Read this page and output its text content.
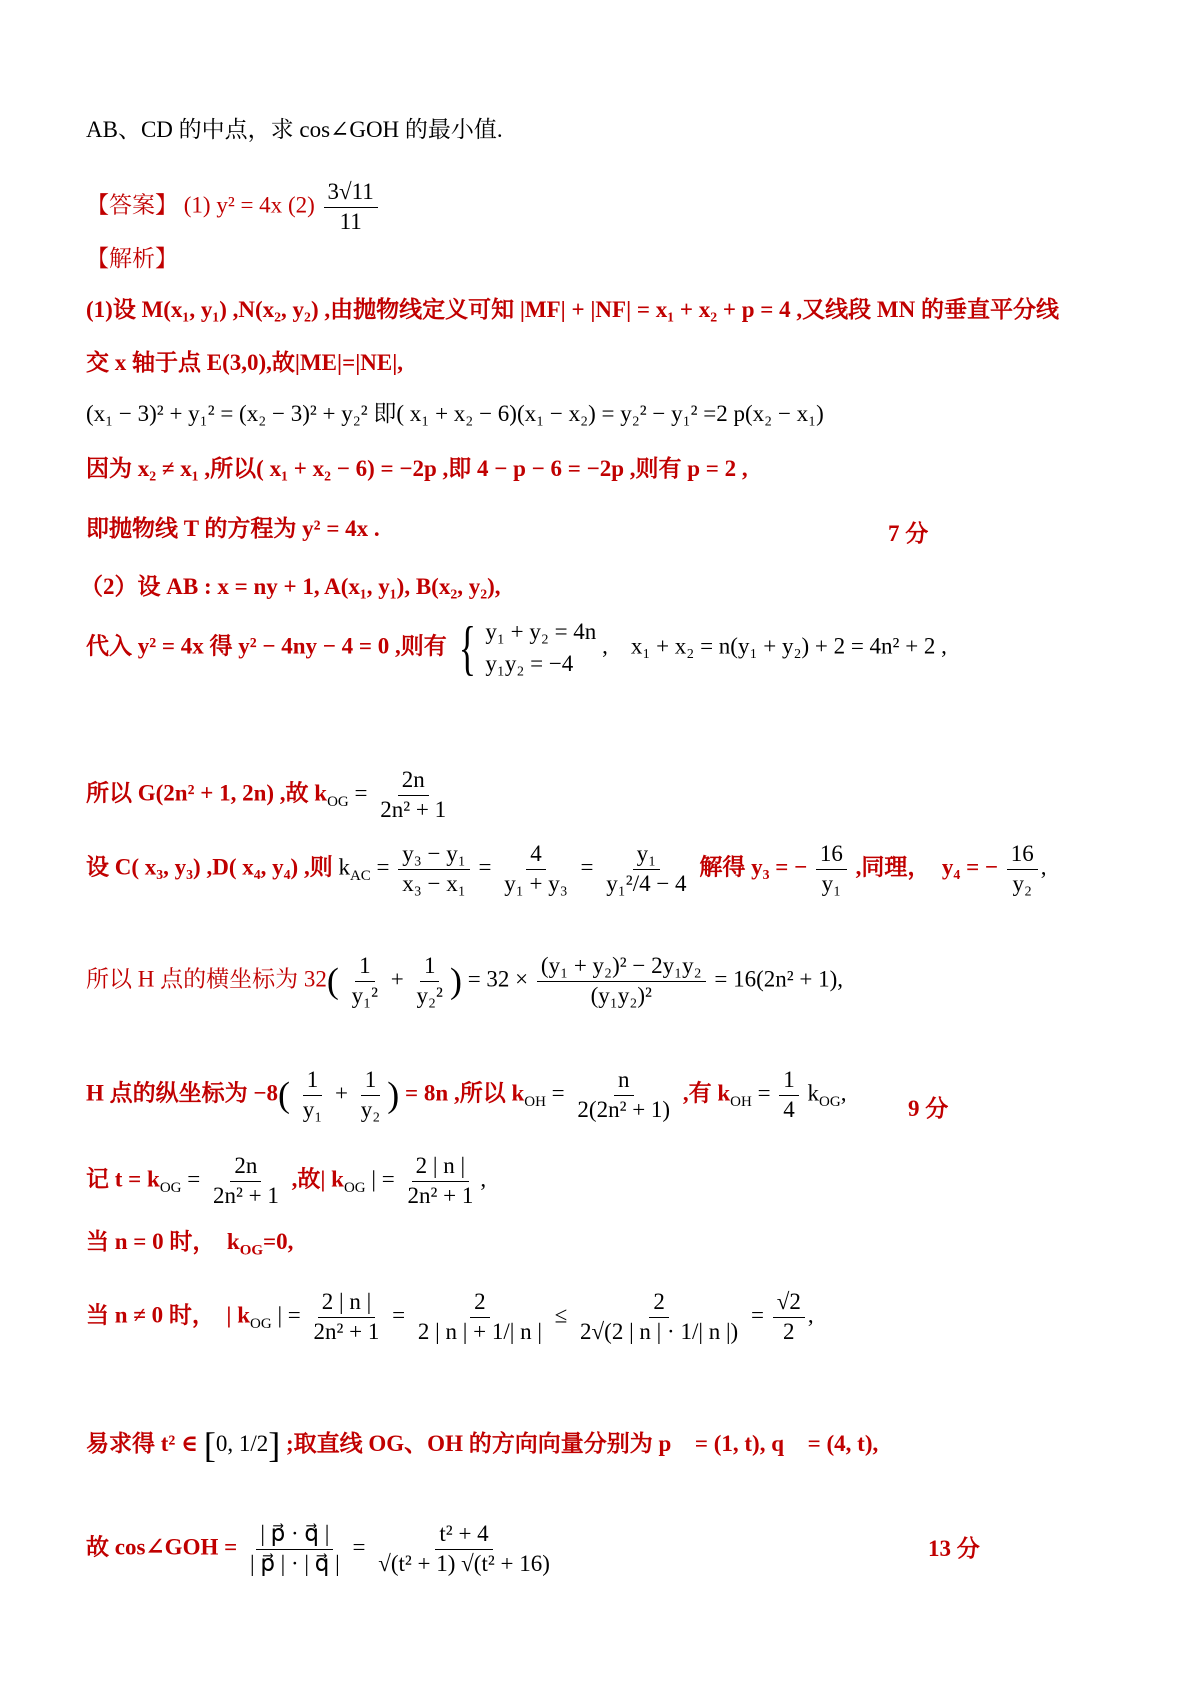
AB、CD 的中点，求 cos∠GOH 的最小值.
【答案】 (1) y² = 4x $(2) \frac{3√11}{11}$
【解析】
(1)设 M(x₁, y₁) ,N(x₂, y₂) ,由抛物线定义可知 |MF| + |NF| = x₁ + x₂ + p = 4 ,又线段 MN 的垂直平分线
交 x 轴于点 E(3,0),故|ME|=|NE|,
(x₁ − 3)² + y₁² = (x₂ − 3)² + y₂² 即( x₁ + x₂ − 6)(x₁ − x₂) = y₂² − y₁² =2 p(x₂ − x₁)
因为 x₂ ≠ x₁ ,所以( x₁ + x₂ − 6) = −2p ,即 4 − p − 6 = −2p ,则有 p = 2 ,
即抛物线 T 的方程为 y² = 4x .	7 分
（2）设 AB : x = ny + 1, A(x₁, y₁), B(x₂, y₂),
代入 y² = 4x 得 y² − 4ny − 4 = 0 ,则有 { y₁ + y₂ = 4n
y₁y₂ = −4
,　x₁ + x₂ = n(y₁ + y₂) + 2 = 4n² + 2 ,
所以 G(2n² + 1, 2n) ,故 $k_{OG} = \frac{2n}{\text{2n² + 1}}$
设 C( x₃, y₃) ,D( x₄, y₄) ,则 $k_{AC} = \frac{\text{y₃ − y₁}}{\text{x₃ − x₁}} = \frac{4}{\text{y₁ + y₃}} = \frac{\text{y₁}}{\text{y₁²/4 − 4}}$ 解得 y₃ = − $\frac{16}{\text{y₁}}$ ,同理，　y₄ = − $\frac{16}{\text{y₂}}$ ,
所以 H 点的横坐标为 $32( \frac{1}{\text{y₁²}} + \frac{1}{\text{y₂²}}$ ) = $32 \times \frac{\text{(y₁ + y₂)² − 2y₁y₂}}{\text{(y₁y₂)²}} = 16(2n^2 + 1)$,
H 点的纵坐标为 $-8( \frac{1}{\text{y₁}} + \frac{1}{\text{y₂}}$ ) = 8n ,所以 $k_{OH} = \frac{n}{\text{2(2n² + 1)}}$ ,有 $k_{OH} = \frac{1}{4} k_{OG}$,
9 分
记 $t = k_{OG} = \frac{2n}{\text{2n² + 1}}$ ,故| $k_{OG}$ | = $\frac{2 | n |}{\text{2n² + 1}}$ ,
当 n = 0 时，　$k_{OG}=0$,
当 n ≠ 0 时，　| $k_{OG}$ | = $\frac{2 | n |}{\text{2n² + 1}} = \frac{2}{2 | n | + 1/| n |} \le \frac{2}{2√(2 | n | \cdot 1/| n |)} = \frac{√2}{2}$ ,
易求得 t² ∈ [0, 1/2] ;取直线 OG、OH 的方向向量分别为 p⃗ = (1, t), q⃗ = (4, t),
故 cos∠GOH = $\frac{| p⃗ \cdot q⃗ |}{| p⃗ | \cdot | q⃗ |} = \frac{\text{t² + 4}}{\text{√(t² + 1) √(t² + 16)}}$	13 分
